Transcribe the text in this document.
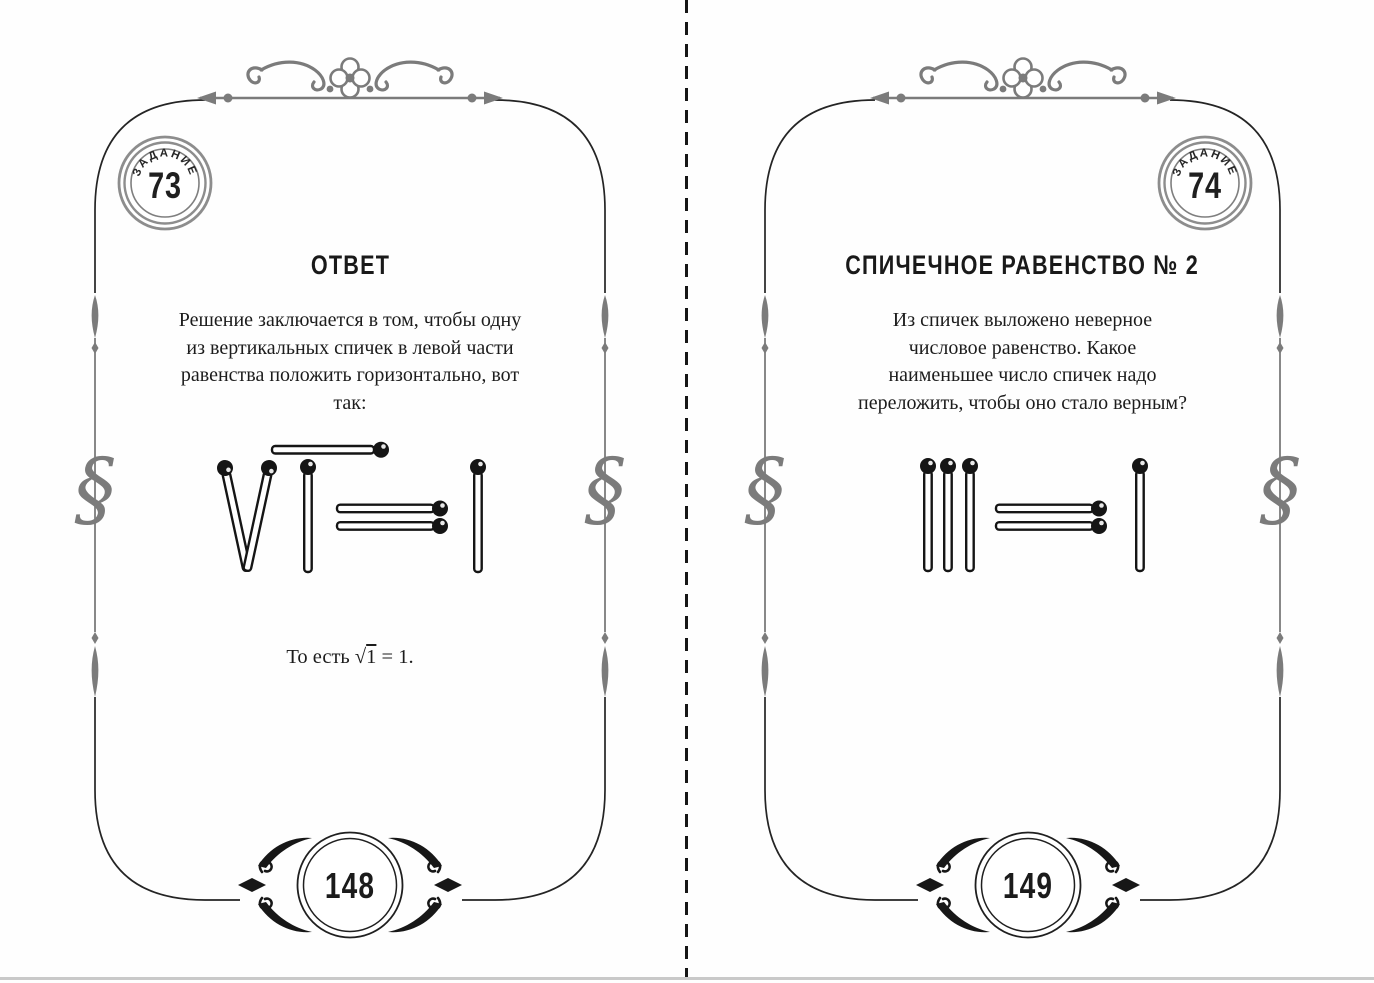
§	§
ЗАДАНИЕ
73
148
ОТВЕТ
Решение заключается в том, чтобы одну
из вертикальных спичек в левой части
равенства положить горизонтально, вот
так:
То есть √1 = 1.
§	§
ЗАДАНИЕ
74
149
СПИЧЕЧНОЕ РАВЕНСТВО № 2
Из спичек выложено неверное
числовое равенство. Какое
наименьшее число спичек надо
переложить, чтобы оно стало верным?
